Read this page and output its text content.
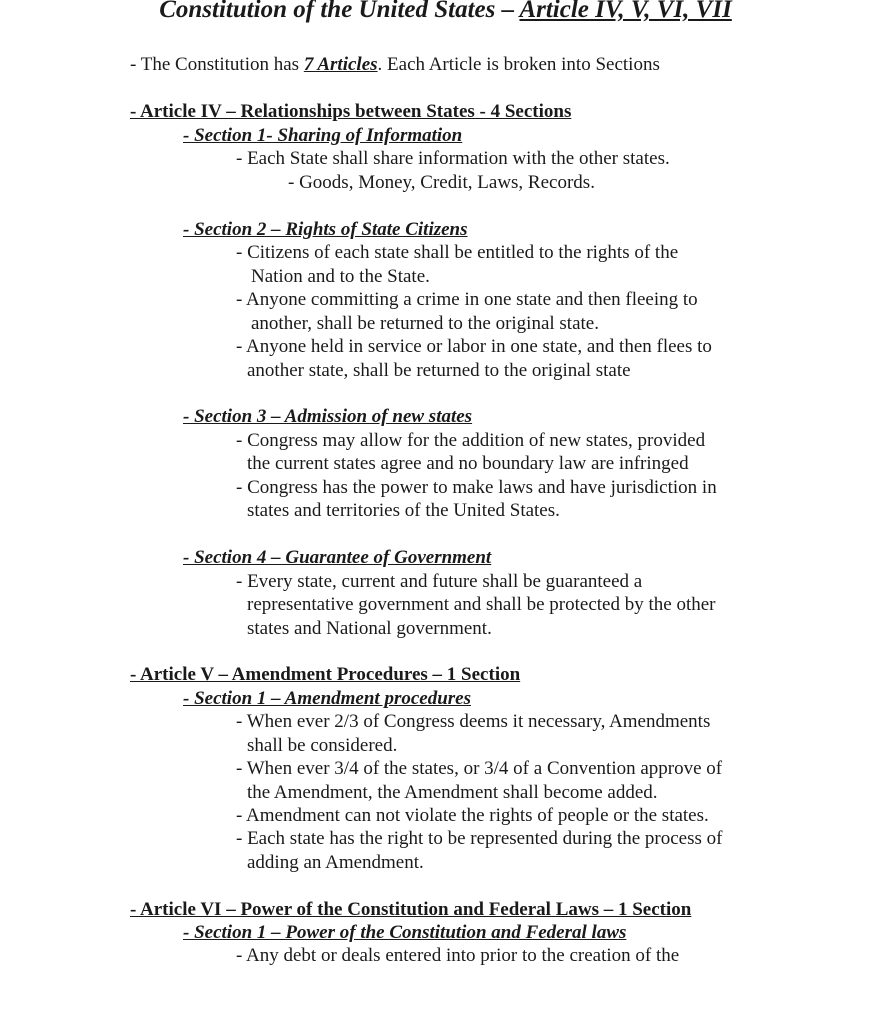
Constitution of the United States – Article IV, V, VI, VII
- The Constitution has 7 Articles. Each Article is broken into Sections
- Article IV – Relationships between States - 4 Sections
- Section 1- Sharing of Information
- Each State shall share information with the other states.
- Goods, Money, Credit, Laws, Records.
- Section 2 – Rights of State Citizens
- Citizens of each state shall be entitled to the rights of the
Nation and to the State.
- Anyone committing a crime in one state and then fleeing to
another, shall be returned to the original state.
- Anyone held in service or labor in one state, and then flees to
another state, shall be returned to the original state
- Section 3 – Admission of new states
- Congress may allow for the addition of new states, provided
the current states agree and no boundary law are infringed
- Congress has the power to make laws and have jurisdiction in
states and territories of the United States.
- Section 4 – Guarantee of Government
- Every state, current and future shall be guaranteed a
representative government and shall be protected by the other
states and National government.
- Article V – Amendment Procedures – 1 Section
- Section 1 – Amendment procedures
- When ever 2/3 of Congress deems it necessary, Amendments
shall be considered.
- When ever 3/4 of the states, or 3/4 of a Convention approve of
the Amendment, the Amendment shall become added.
- Amendment can not violate the rights of people or the states.
- Each state has the right to be represented during the process of
adding an Amendment.
- Article VI – Power of the Constitution and Federal Laws – 1 Section
- Section 1 – Power of the Constitution and Federal laws
- Any debt or deals entered into prior to the creation of the
